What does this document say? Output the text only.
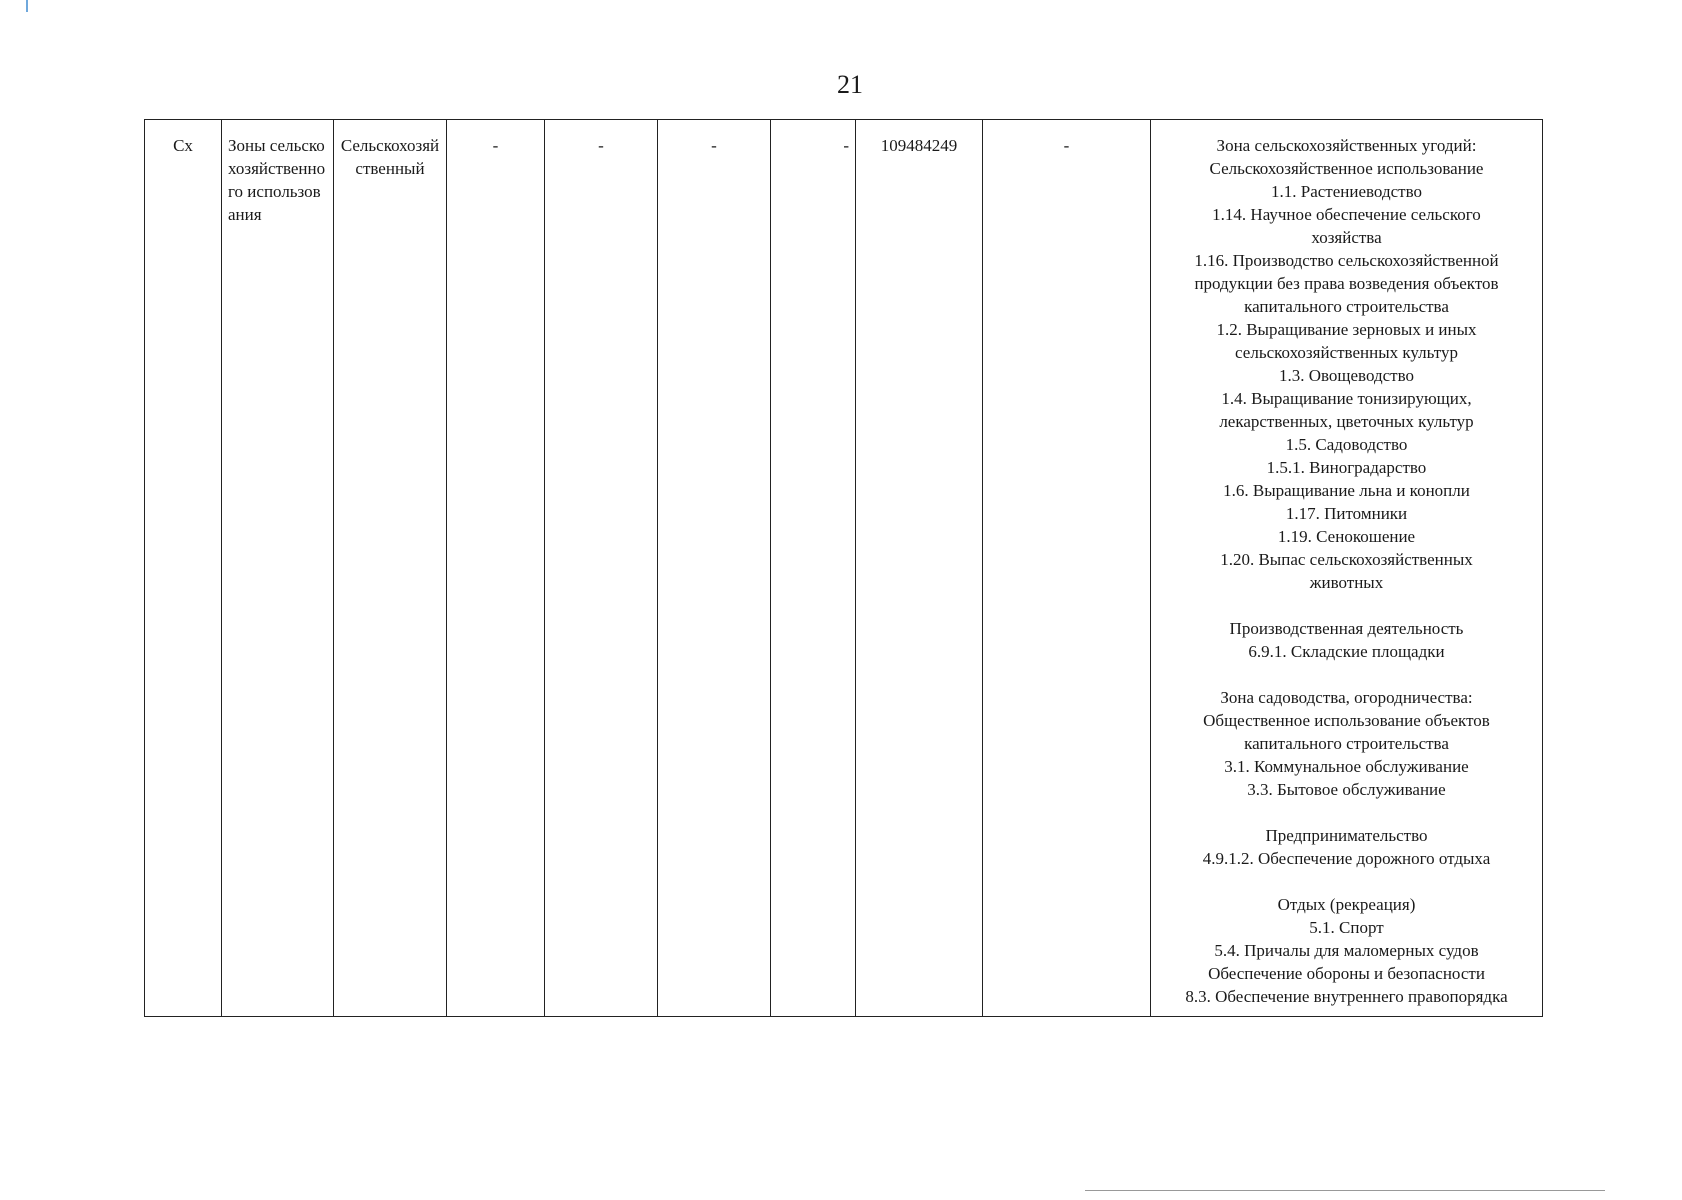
21
Сх	Зоны сельскохозяйственного использования	Сельскохозяйственный	-	-	-	-	109484249	-	Зона сельскохозяйственных угодий:
Сельскохозяйственное использование
1.1. Растениеводство
1.14. Научное обеспечение сельского
хозяйства
1.16. Производство сельскохозяйственной
продукции без права возведения объектов
капитального строительства
1.2. Выращивание зерновых и иных
сельскохозяйственных культур
1.3. Овощеводство
1.4. Выращивание тонизирующих,
лекарственных, цветочных культур
1.5. Садоводство
1.5.1. Виноградарство
1.6. Выращивание льна и конопли
1.17. Питомники
1.19. Сенокошение
1.20. Выпас сельскохозяйственных
животных
Производственная деятельность
6.9.1. Складские площадки
Зона садоводства, огородничества:
Общественное использование объектов
капитального строительства
3.1. Коммунальное обслуживание
3.3. Бытовое обслуживание
Предпринимательство
4.9.1.2. Обеспечение дорожного отдыха
Отдых (рекреация)
5.1. Спорт
5.4. Причалы для маломерных судов
Обеспечение обороны и безопасности
8.3. Обеспечение внутреннего правопорядка
